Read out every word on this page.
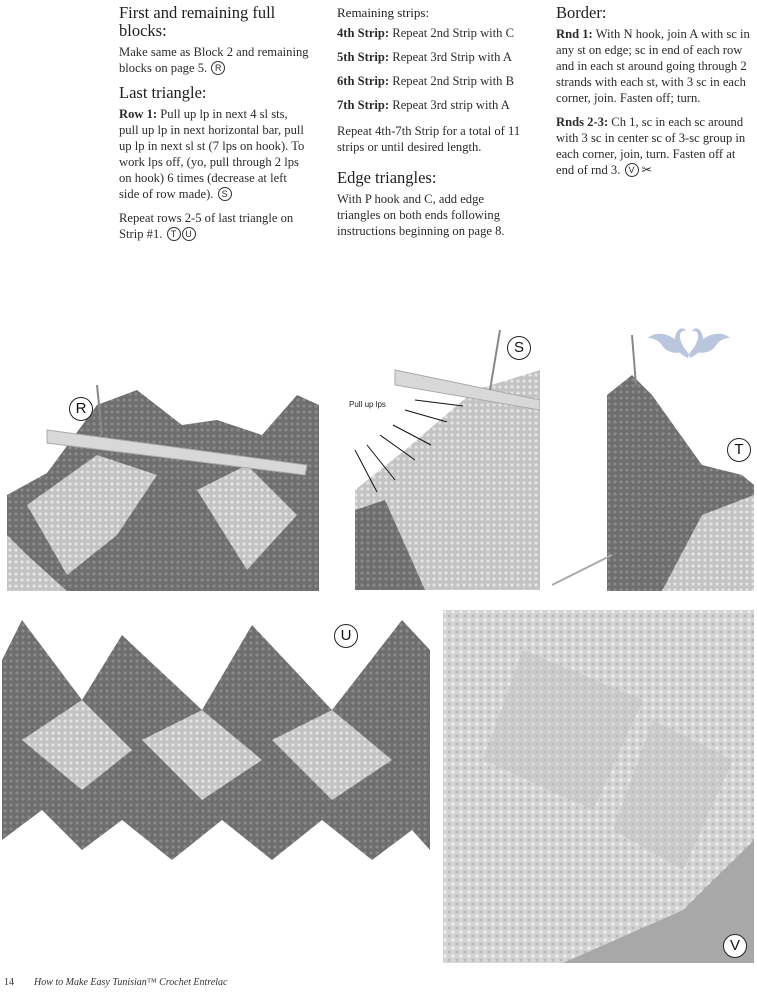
First and remaining full blocks:

Make same as Block 2 and remaining blocks on page 5. R

Last triangle:

Row 1: Pull up lp in next 4 sl sts, pull up lp in next horizontal bar, pull up lp in next sl st (7 lps on hook). To work lps off, (yo, pull through 2 lps on hook) 6 times (decrease at left side of row made). S

Repeat rows 2-5 of last triangle on Strip #1. T U

Remaining strips:

4th Strip: Repeat 2nd Strip with C

5th Strip: Repeat 3rd Strip with A

6th Strip: Repeat 2nd Strip with B

7th Strip: Repeat 3rd strip with A

Repeat 4th-7th Strip for a total of 11 strips or until desired length.

Edge triangles:

With P hook and C, add edge triangles on both ends following instructions beginning on page 8.

Border:

Rnd 1: With N hook, join A with sc in any st on edge; sc in end of each row and in each st around going through 2 strands with each st, with 3 sc in each corner, join. Fasten off; turn.

Rnds 2-3: Ch 1, sc in each sc around with 3 sc in center sc of 3-sc group in each corner, join, turn. Fasten off at end of rnd 3. V ✂

R
S
Pull up lps
T
U
V
14 How to Make Easy Tunisian™ Crochet Entrelac
